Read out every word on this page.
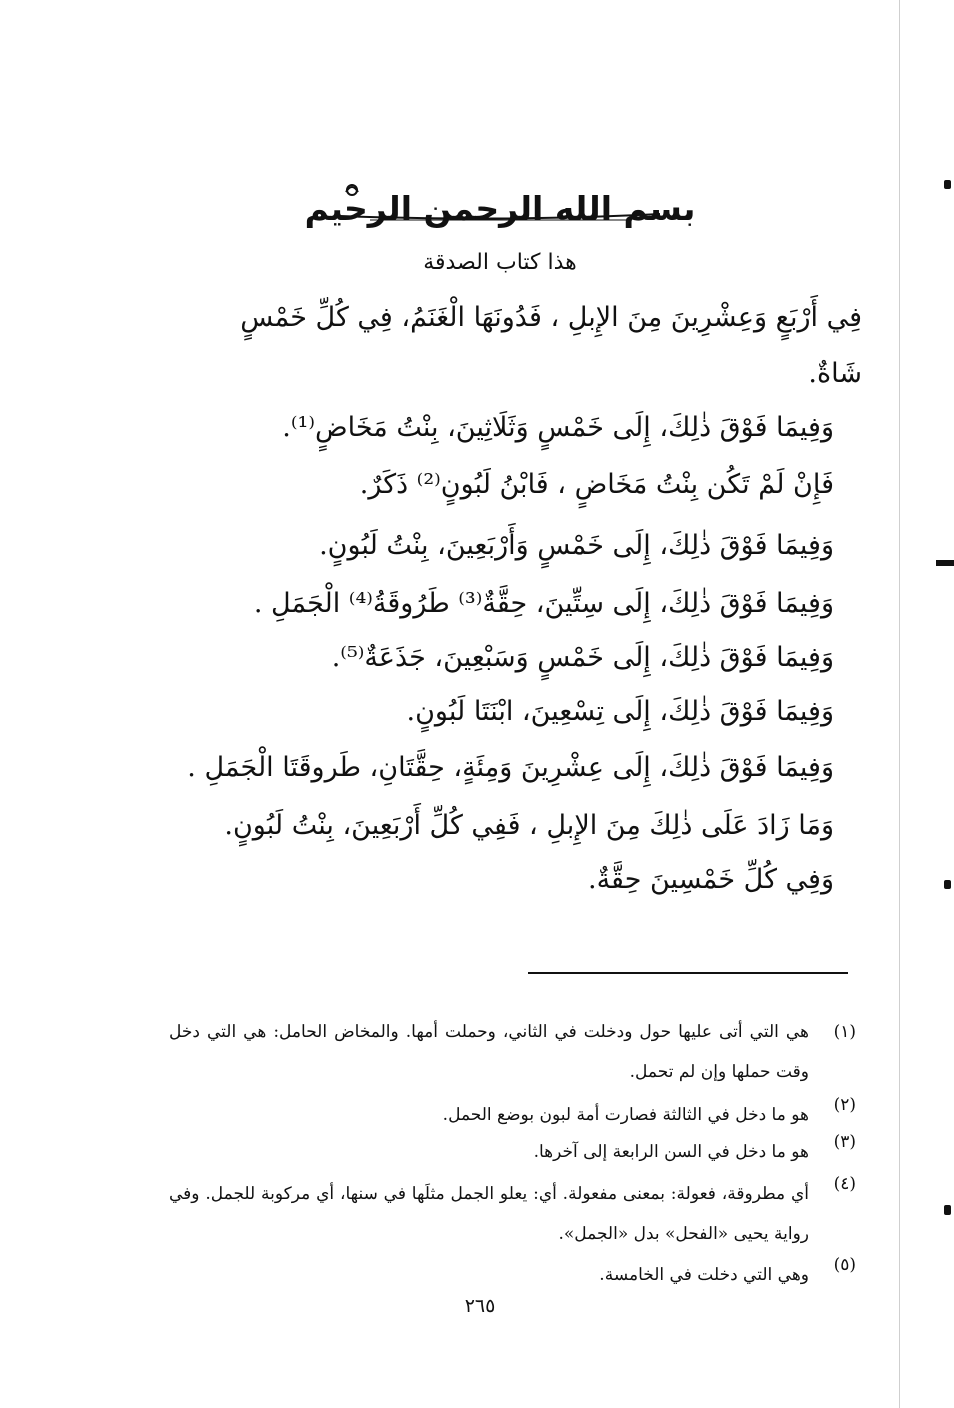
بسم الله الرحمن الرحيم
هذا كتاب الصدقة
فِي أَرْبَعٍ وَعِشْرِينَ مِنَ الإِبلِ ، فَدُونَهَا الْغَنَمُ، فِي كُلِّ خَمْسٍ
شَاةٌ.
وَفِيمَا فَوْقَ ذٰلِكَ، إِلَى خَمْسٍ وَثَلَاثِينَ، بِنْتُ مَخَاضٍ⁽¹⁾.
فَإِنْ لَمْ تَكُن بِنْتُ مَخَاضٍ ، فَابْنُ لَبُونٍ⁽²⁾ ذَكَرٌ.
وَفِيمَا فَوْقَ ذٰلِكَ، إِلَى خَمْسٍ وَأَرْبَعِينَ، بِنْتُ لَبُونٍ.
وَفِيمَا فَوْقَ ذٰلِكَ، إِلَى سِتِّينَ، حِقَّةٌ⁽³⁾ طَرُوقَةُ⁽⁴⁾ الْجَمَلِ .
وَفِيمَا فَوْقَ ذٰلِكَ، إِلَى خَمْسٍ وَسَبْعِينَ، جَذَعَةٌ⁽⁵⁾.
وَفِيمَا فَوْقَ ذٰلِكَ، إِلَى تِسْعِينَ، ابْنَتَا لَبُونٍ.
وَفِيمَا فَوْقَ ذٰلِكَ، إِلَى عِشْرِينَ وَمِئَةٍ، حِقَّتَانِ، طَروقَتَا الْجَمَلِ .
وَمَا زَادَ عَلَى ذٰلِكَ مِنَ الإِبلِ ، فَفِي كُلِّ أَرْبَعِينَ، بِنْتُ لَبُونٍ.
وَفِي كُلِّ خَمْسِينَ حِقَّةٌ.
(١)
هي التي أتى عليها حول ودخلت في الثاني، وحملت أمها. والمخاض الحامل: هي التي دخل وقت حملها وإن لم تحمل.
(٢)
هو ما دخل في الثالثة فصارت أمة لبون بوضع الحمل.
(٣)
هو ما دخل في السن الرابعة إلى آخرها.
(٤)
أي مطروقة، فعولة: بمعنى مفعولة. أي: يعلو الجمل مثلَها في سنها، أي مركوبة للجمل. وفي رواية يحيى «الفحل» بدل «الجمل».
(٥)
وهي التي دخلت في الخامسة.
٢٦٥
